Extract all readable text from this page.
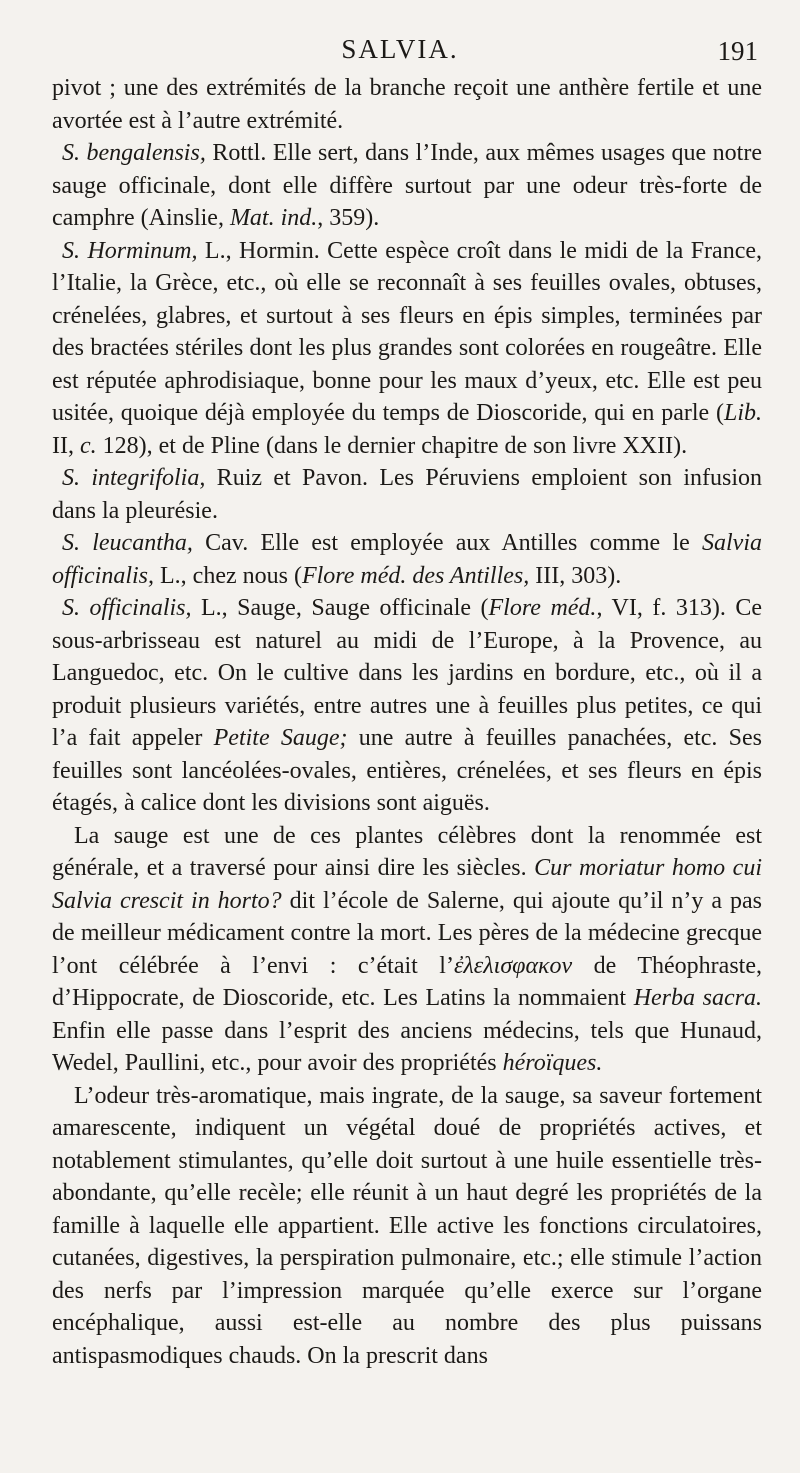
SALVIA.	191

pivot ; une des extrémités de la branche reçoit une anthère fertile et une avortée est à l’autre extrémité.

S. bengalensis, Rottl. Elle sert, dans l’Inde, aux mêmes usages que notre sauge officinale, dont elle diffère surtout par une odeur très-forte de camphre (Ainslie, Mat. ind., 359).

S. Horminum, L., Hormin. Cette espèce croît dans le midi de la France, l’Italie, la Grèce, etc., où elle se reconnaît à ses feuilles ovales, obtuses, crénelées, glabres, et surtout à ses fleurs en épis simples, terminées par des bractées stériles dont les plus grandes sont colorées en rougeâtre. Elle est réputée aphrodisiaque, bonne pour les maux d’yeux, etc. Elle est peu usitée, quoique déjà employée du temps de Dioscoride, qui en parle (Lib. II, c. 128), et de Pline (dans le dernier chapitre de son livre XXII).

S. integrifolia, Ruiz et Pavon. Les Péruviens emploient son infusion dans la pleurésie.

S. leucantha, Cav. Elle est employée aux Antilles comme le Salvia officinalis, L., chez nous (Flore méd. des Antilles, III, 303).

S. officinalis, L., Sauge, Sauge officinale (Flore méd., VI, f. 313). Ce sous-arbrisseau est naturel au midi de l’Europe, à la Provence, au Languedoc, etc. On le cultive dans les jardins en bordure, etc., où il a produit plusieurs variétés, entre autres une à feuilles plus petites, ce qui l’a fait appeler Petite Sauge; une autre à feuilles panachées, etc. Ses feuilles sont lancéolées-ovales, entières, crénelées, et ses fleurs en épis étagés, à calice dont les divisions sont aiguës.

La sauge est une de ces plantes célèbres dont la renommée est générale, et a traversé pour ainsi dire les siècles. Cur moriatur homo cui Salvia crescit in horto? dit l’école de Salerne, qui ajoute qu’il n’y a pas de meilleur médicament contre la mort. Les pères de la médecine grecque l’ont célébrée à l’envi : c’était l’ἐλελισφακον de Théophraste, d’Hippocrate, de Dioscoride, etc. Les Latins la nommaient Herba sacra. Enfin elle passe dans l’esprit des anciens médecins, tels que Hunaud, Wedel, Paullini, etc., pour avoir des propriétés héroïques.

L’odeur très-aromatique, mais ingrate, de la sauge, sa saveur fortement amarescente, indiquent un végétal doué de propriétés actives, et notablement stimulantes, qu’elle doit surtout à une huile essentielle très-abondante, qu’elle recèle; elle réunit à un haut degré les propriétés de la famille à laquelle elle appartient. Elle active les fonctions circulatoires, cutanées, digestives, la perspiration pulmonaire, etc.; elle stimule l’action des nerfs par l’impression marquée qu’elle exerce sur l’organe encéphalique, aussi est-elle au nombre des plus puissans antispasmodiques chauds. On la prescrit dans
